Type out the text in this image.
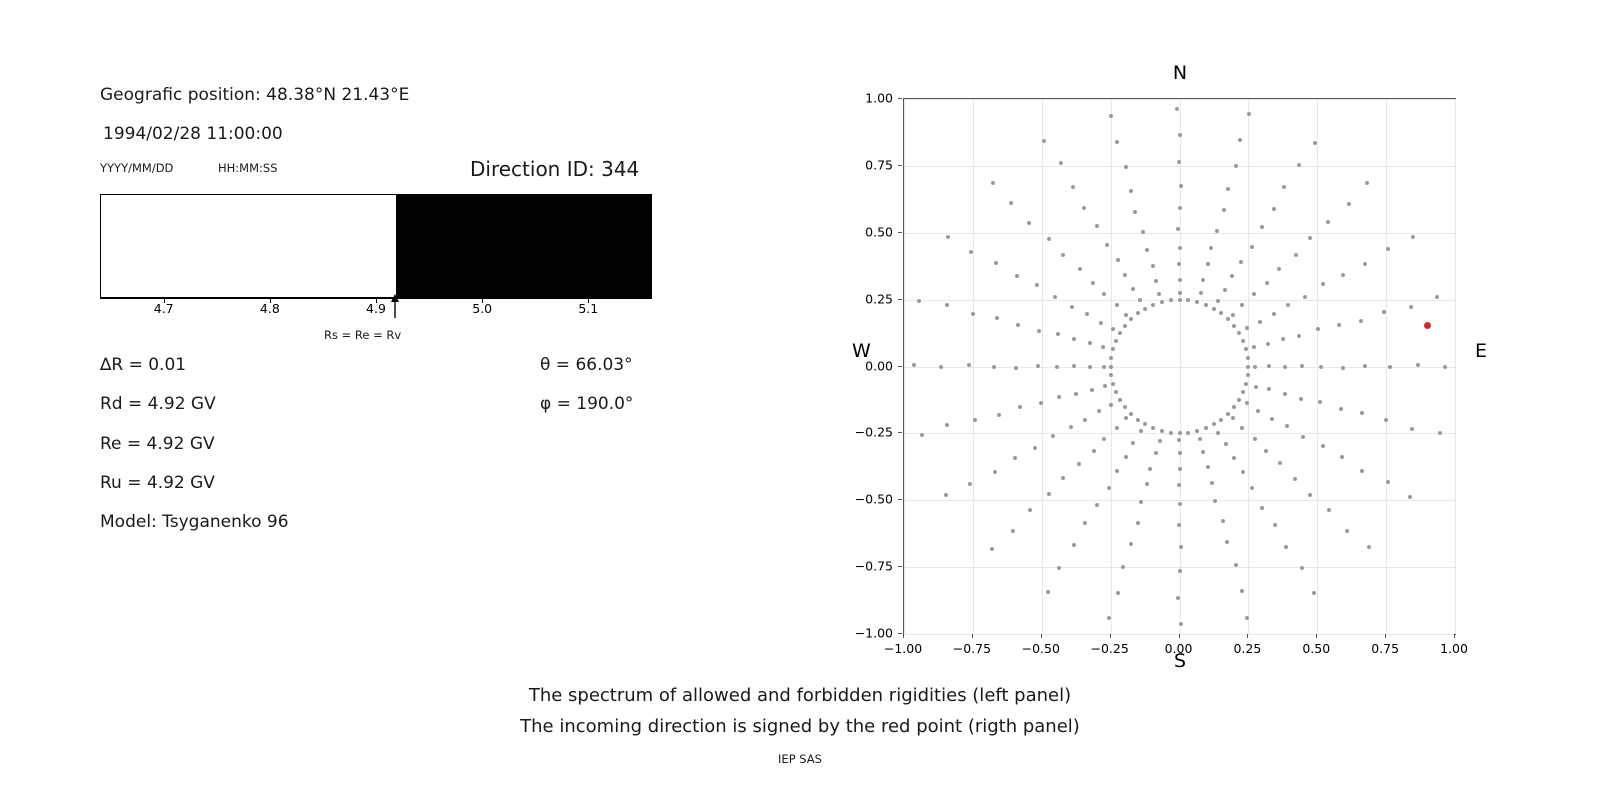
Geografic position: 48.38°N 21.43°E
1994/02/28 11:00:00
YYYY/MM/DD	HH:MM:SS	Direction ID: 344
4.7	4.8	4.9	5.0	5.1
Rs = Re = Rv
∆R = 0.01
Rd = 4.92 GV
Re = 4.92 GV
Ru = 4.92 GV
Model: Tsyganenko 96
θ = 66.03°
φ = 190.0°
N
S
W	E
−1.00 −0.75 −0.50 −0.25	0.00	0.25	0.50	0.75	1.00
−1.00
−0.75
−0.50
−0.25
0.00
0.25
0.50
0.75
1.00
The spectrum of allowed and forbidden rigidities (left panel)
The incoming direction is signed by the red point (rigth panel)
IEP SAS
